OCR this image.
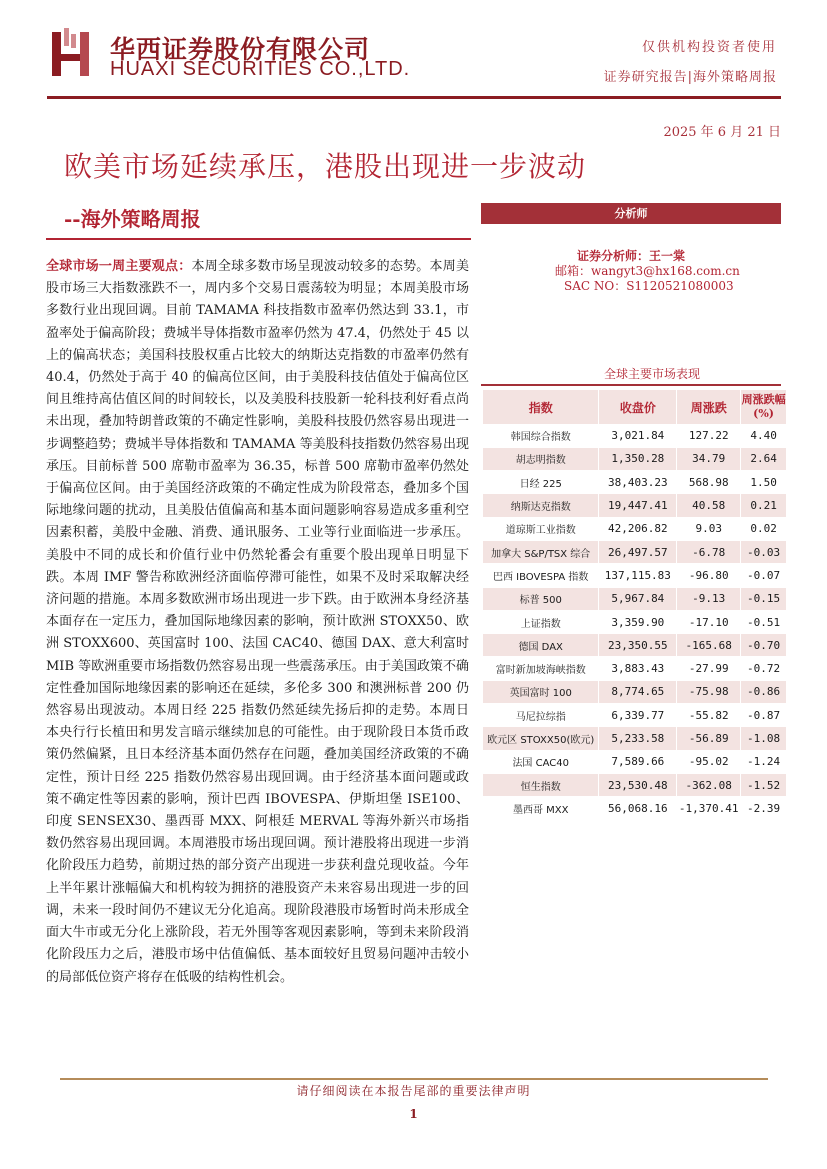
华西证券股份有限公司
HUAXI SECURITIES CO.,LTD.
仅供机构投资者使用
证券研究报告|海外策略周报
2025 年 6 月 21 日
欧美市场延续承压，港股出现进一步波动
--海外策略周报
全球市场一周主要观点：本周全球多数市场呈现波动较多的态势。本周美股市场三大指数涨跌不一，周内多个交易日震荡较为明显；本周美股市场多数行业出现回调。目前 TAMAMA 科技指数市盈率仍然达到 33.1，市盈率处于偏高阶段；费城半导体指数市盈率仍然为 47.4，仍然处于 45 以上的偏高状态；美国科技股权重占比较大的纳斯达克指数的市盈率仍然有 40.4，仍然处于高于 40 的偏高位区间，由于美股科技估值处于偏高位区间且维持高估值区间的时间较长，以及美股科技股新一轮科技利好看点尚未出现，叠加特朗普政策的不确定性影响，美股科技股仍然容易出现进一步调整趋势；费城半导体指数和 TAMAMA 等美股科技指数仍然容易出现承压。目前标普 500 席勒市盈率为 36.35，标普 500 席勒市盈率仍然处于偏高位区间。由于美国经济政策的不确定性成为阶段常态，叠加多个国际地缘问题的扰动，且美股估值偏高和基本面问题影响容易造成多重利空因素积蓄，美股中金融、消费、通讯服务、工业等行业面临进一步承压。美股中不同的成长和价值行业中仍然轮番会有重要个股出现单日明显下跌。本周 IMF 警告称欧洲经济面临停滞可能性，如果不及时采取解决经济问题的措施。本周多数欧洲市场出现进一步下跌。由于欧洲本身经济基本面存在一定压力，叠加国际地缘因素的影响，预计欧洲 STOXX50、欧洲 STOXX600、英国富时 100、法国 CAC40、德国 DAX、意大利富时 MIB 等欧洲重要市场指数仍然容易出现一些震荡承压。由于美国政策不确定性叠加国际地缘因素的影响还在延续，多伦多 300 和澳洲标普 200 仍然容易出现波动。本周日经 225 指数仍然延续先扬后抑的走势。本周日本央行行长植田和男发言暗示继续加息的可能性。由于现阶段日本货币政策仍然偏紧，且日本经济基本面仍然存在问题，叠加美国经济政策的不确定性，预计日经 225 指数仍然容易出现回调。由于经济基本面问题或政策不确定性等因素的影响，预计巴西 IBOVESPA、伊斯坦堡 ISE100、印度 SENSEX30、墨西哥 MXX、阿根廷 MERVAL 等海外新兴市场指数仍然容易出现回调。本周港股市场出现回调。预计港股将出现进一步消化阶段压力趋势，前期过热的部分资产出现进一步获利盘兑现收益。今年上半年累计涨幅偏大和机构较为拥挤的港股资产未来容易出现进一步的回调，未来一段时间仍不建议无分化追高。现阶段港股市场暂时尚未形成全面大牛市或无分化上涨阶段，若无外围等客观因素影响，等到未来阶段消化阶段压力之后，港股市场中估值偏低、基本面较好且贸易问题冲击较小的局部低位资产将存在低吸的结构性机会。
分析师
证券分析师：王一棠
邮箱：wangyt3@hx168.com.cn
SAC NO：S1120521080003
全球主要市场表现
指数	收盘价	周涨跌	周涨跌幅(%)
韩国综合指数	3,021.84	127.22	4.40
胡志明指数	1,350.28	34.79	2.64
日经 225	38,403.23	568.98	1.50
纳斯达克指数	19,447.41	40.58	0.21
道琼斯工业指数	42,206.82	9.03	0.02
加拿大 S&P/TSX 综合	26,497.57	-6.78	-0.03
巴西 IBOVESPA 指数	137,115.83	-96.80	-0.07
标普 500	5,967.84	-9.13	-0.15
上证指数	3,359.90	-17.10	-0.51
德国 DAX	23,350.55	-165.68	-0.70
富时新加坡海峡指数	3,883.43	-27.99	-0.72
英国富时 100	8,774.65	-75.98	-0.86
马尼拉综指	6,339.77	-55.82	-0.87
欧元区 STOXX50(欧元)	5,233.58	-56.89	-1.08
法国 CAC40	7,589.66	-95.02	-1.24
恒生指数	23,530.48	-362.08	-1.52
墨西哥 MXX	56,068.16	-1,370.41	-2.39
请仔细阅读在本报告尾部的重要法律声明
1
